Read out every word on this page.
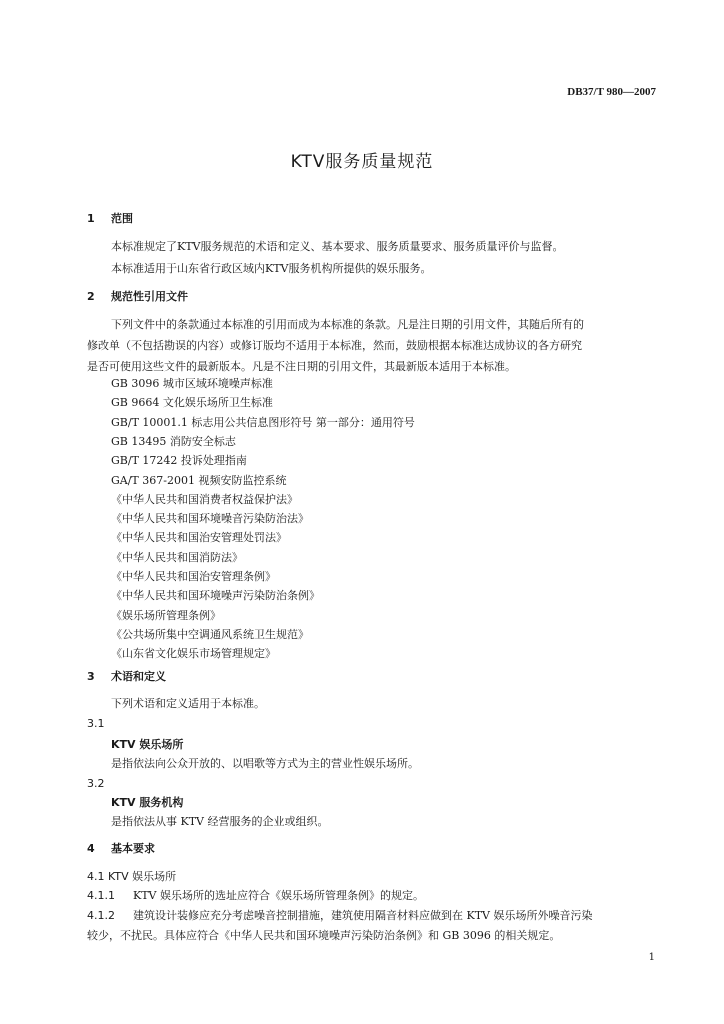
DB37/T 980—2007
KTV服务质量规范
1 范围
本标准规定了KTV服务规范的术语和定义、基本要求、服务质量要求、服务质量评价与监督。
本标准适用于山东省行政区域内KTV服务机构所提供的娱乐服务。
2 规范性引用文件
下列文件中的条款通过本标准的引用而成为本标准的条款。凡是注日期的引用文件，其随后所有的
修改单（不包括勘误的内容）或修订版均不适用于本标准，然而，鼓励根据本标准达成协议的各方研究
是否可使用这些文件的最新版本。凡是不注日期的引用文件，其最新版本适用于本标准。
GB 3096 城市区域环境噪声标准
GB 9664 文化娱乐场所卫生标准
GB/T 10001.1 标志用公共信息图形符号 第一部分：通用符号
GB 13495 消防安全标志
GB/T 17242 投诉处理指南
GA/T 367-2001 视频安防监控系统
《中华人民共和国消费者权益保护法》
《中华人民共和国环境噪音污染防治法》
《中华人民共和国治安管理处罚法》
《中华人民共和国消防法》
《中华人民共和国治安管理条例》
《中华人民共和国环境噪声污染防治条例》
《娱乐场所管理条例》
《公共场所集中空调通风系统卫生规范》
《山东省文化娱乐市场管理规定》
3 术语和定义
下列术语和定义适用于本标准。
3.1
KTV 娱乐场所
是指依法向公众开放的、以唱歌等方式为主的营业性娱乐场所。
3.2
KTV 服务机构
是指依法从事 KTV 经营服务的企业或组织。
4 基本要求
4.1 KTV 娱乐场所
4.1.1 KTV 娱乐场所的选址应符合《娱乐场所管理条例》的规定。
4.1.2 建筑设计装修应充分考虑噪音控制措施，建筑使用隔音材料应做到在 KTV 娱乐场所外噪音污染
较少，不扰民。具体应符合《中华人民共和国环境噪声污染防治条例》和 GB 3096 的相关规定。
1
